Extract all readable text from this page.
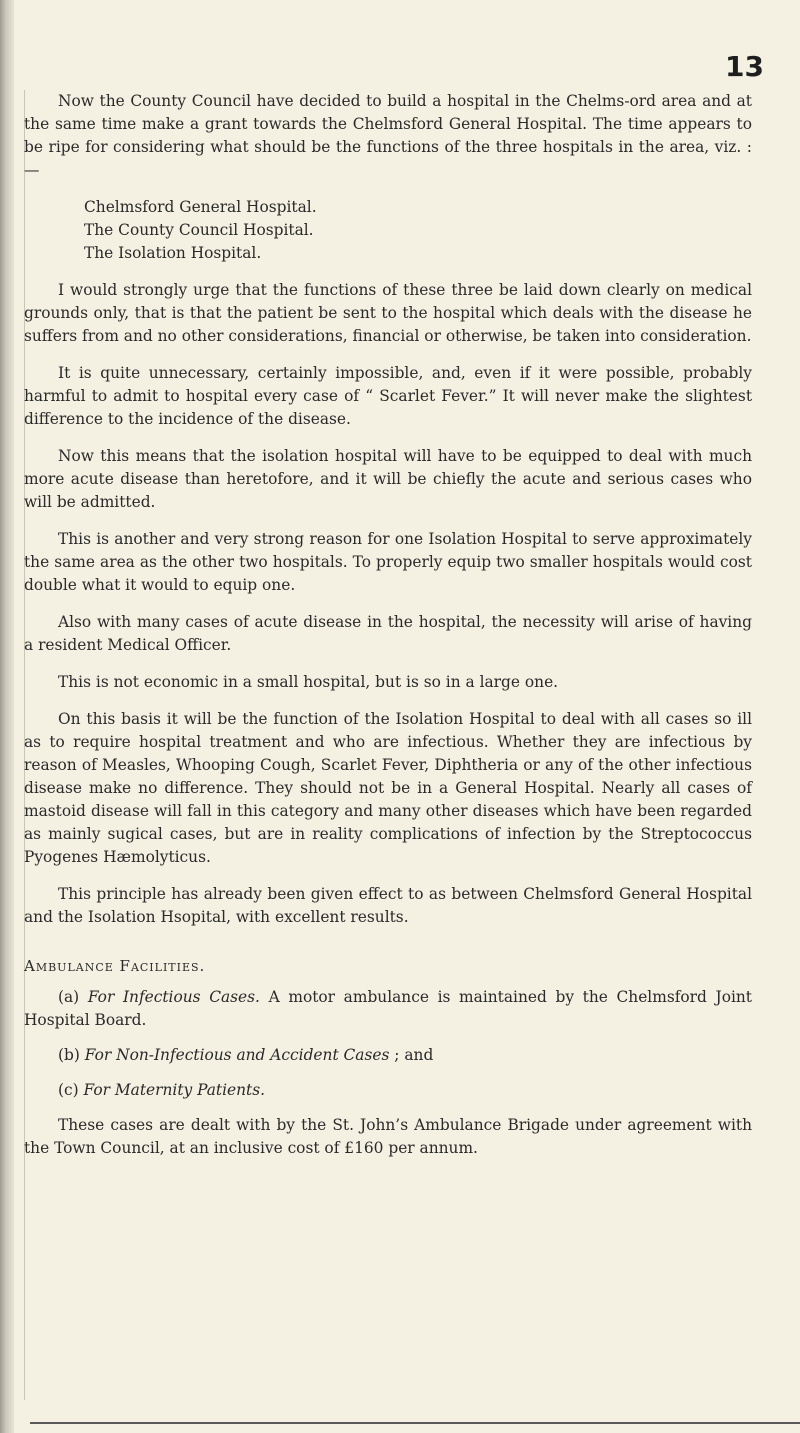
13

Now the County Council have decided to build a hospital in the Chelms-ord area and at the same time make a grant towards the Chelmsford General Hospital. The time appears to be ripe for considering what should be the functions of the three hospitals in the area, viz. :—

Chelmsford General Hospital.

The County Council Hospital.

The Isolation Hospital.

I would strongly urge that the functions of these three be laid down clearly on medical grounds only, that is that the patient be sent to the hospital which deals with the disease he suffers from and no other considerations, financial or otherwise, be taken into consideration.

It is quite unnecessary, certainly impossible, and, even if it were possible, probably harmful to admit to hospital every case of “ Scarlet Fever.” It will never make the slightest difference to the incidence of the disease.

Now this means that the isolation hospital will have to be equipped to deal with much more acute disease than heretofore, and it will be chiefly the acute and serious cases who will be admitted.

This is another and very strong reason for one Isolation Hospital to serve approximately the same area as the other two hospitals. To properly equip two smaller hospitals would cost double what it would to equip one.

Also with many cases of acute disease in the hospital, the necessity will arise of having a resident Medical Officer.

This is not economic in a small hospital, but is so in a large one.

On this basis it will be the function of the Isolation Hospital to deal with all cases so ill as to require hospital treatment and who are infectious. Whether they are infectious by reason of Measles, Whooping Cough, Scarlet Fever, Diphtheria or any of the other infectious disease make no difference. They should not be in a General Hospital. Nearly all cases of mastoid disease will fall in this category and many other diseases which have been regarded as mainly sugical cases, but are in reality complications of infection by the Streptococcus Pyogenes Hæmolyticus.

This principle has already been given effect to as between Chelmsford General Hospital and the Isolation Hsopital, with excellent results.

Ambulance Facilities.

(a) For Infectious Cases. A motor ambulance is maintained by the Chelmsford Joint Hospital Board.

(b) For Non-Infectious and Accident Cases ; and

(c) For Maternity Patients.

These cases are dealt with by the St. John’s Ambulance Brigade under agreement with the Town Council, at an inclusive cost of £160 per annum.
